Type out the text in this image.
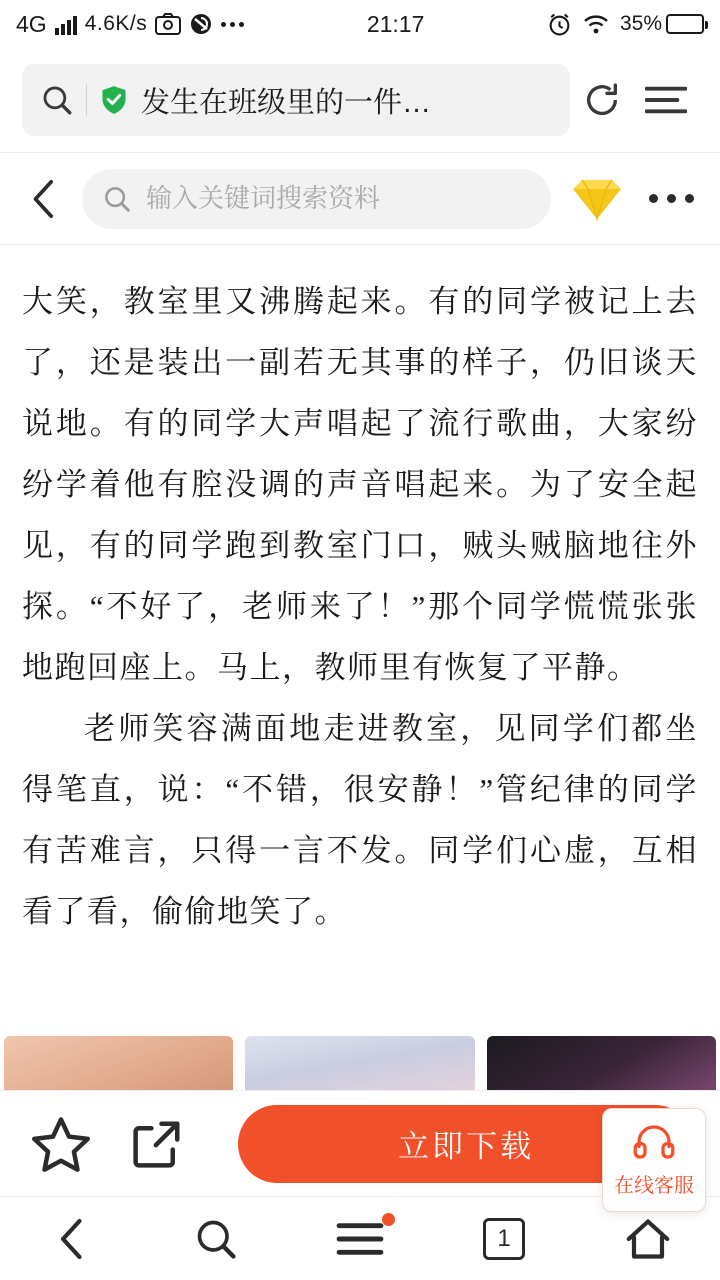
4G 4.6K/s	21:17	35%
发生在班级里的一件…
输入关键词搜索资料

大笑，教室里又沸腾起来。有的同学被记上去了，还是装出一副若无其事的样子，仍旧谈天说地。有的同学大声唱起了流行歌曲，大家纷纷学着他有腔没调的声音唱起来。为了安全起见，有的同学跑到教室门口，贼头贼脑地往外探。“不好了，老师来了！”那个同学慌慌张张地跑回座上。马上，教师里有恢复了平静。

老师笑容满面地走进教室，见同学们都坐得笔直，说：“不错，很安静！”管纪律的同学有苦难言，只得一言不发。同学们心虚，互相看了看，偷偷地笑了。

在线客服
立即下载
1
